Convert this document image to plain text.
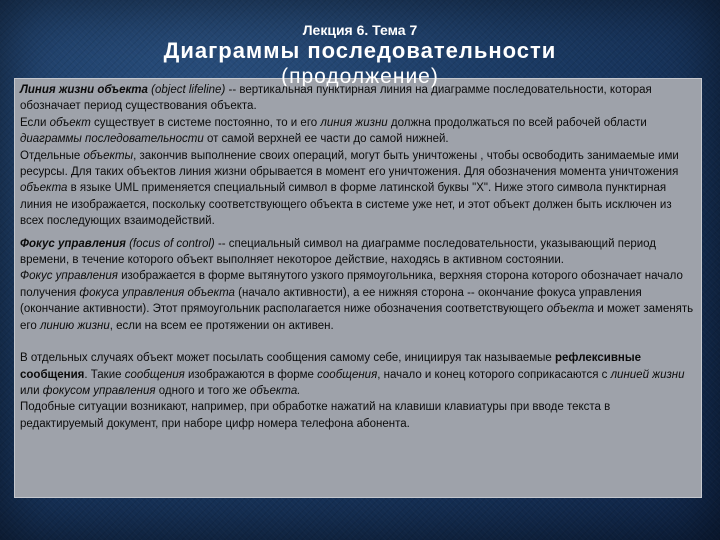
Лекция 6. Тема 7
Диаграммы последовательности
(продолжение)

Линия жизни объекта (object lifeline) -- вертикальная пунктирная линия на диаграмме последовательности, которая обозначает период существования объекта.

Если объект существует в системе постоянно, то и его линия жизни должна продолжаться по всей рабочей области диаграммы последовательности от самой верхней ее части до самой нижней.

Отдельные объекты, закончив выполнение своих операций, могут быть уничтожены , чтобы освободить занимаемые ими ресурсы. Для таких объектов линия жизни обрывается в момент его уничтожения. Для обозначения момента уничтожения объекта в языке UML применяется специальный символ в форме латинской буквы "X". Ниже этого символа пунктирная линия не изображается, поскольку соответствующего объекта в системе уже нет, и этот объект должен быть исключен из всех последующих взаимодействий.

Фокус управления (focus of control) -- специальный символ на диаграмме последовательности, указывающий период времени, в течение которого объект выполняет некоторое действие, находясь в активном состоянии.

Фокус управления изображается в форме вытянутого узкого прямоугольника, верхняя сторона которого обозначает начало получения фокуса управления объекта (начало активности), а ее нижняя сторона -- окончание фокуса управления (окончание активности). Этот прямоугольник располагается ниже обозначения соответствующего объекта и может заменять его линию жизни, если на всем ее протяжении он активен.

В отдельных случаях объект может посылать сообщения самому себе, инициируя так называемые рефлексивные сообщения. Такие сообщения изображаются в форме сообщения, начало и конец которого соприкасаются с линией жизни или фокусом управления одного и того же объекта.

Подобные ситуации возникают, например, при обработке нажатий на клавиши клавиатуры при вводе текста в редактируемый документ, при наборе цифр номера телефона абонента.
